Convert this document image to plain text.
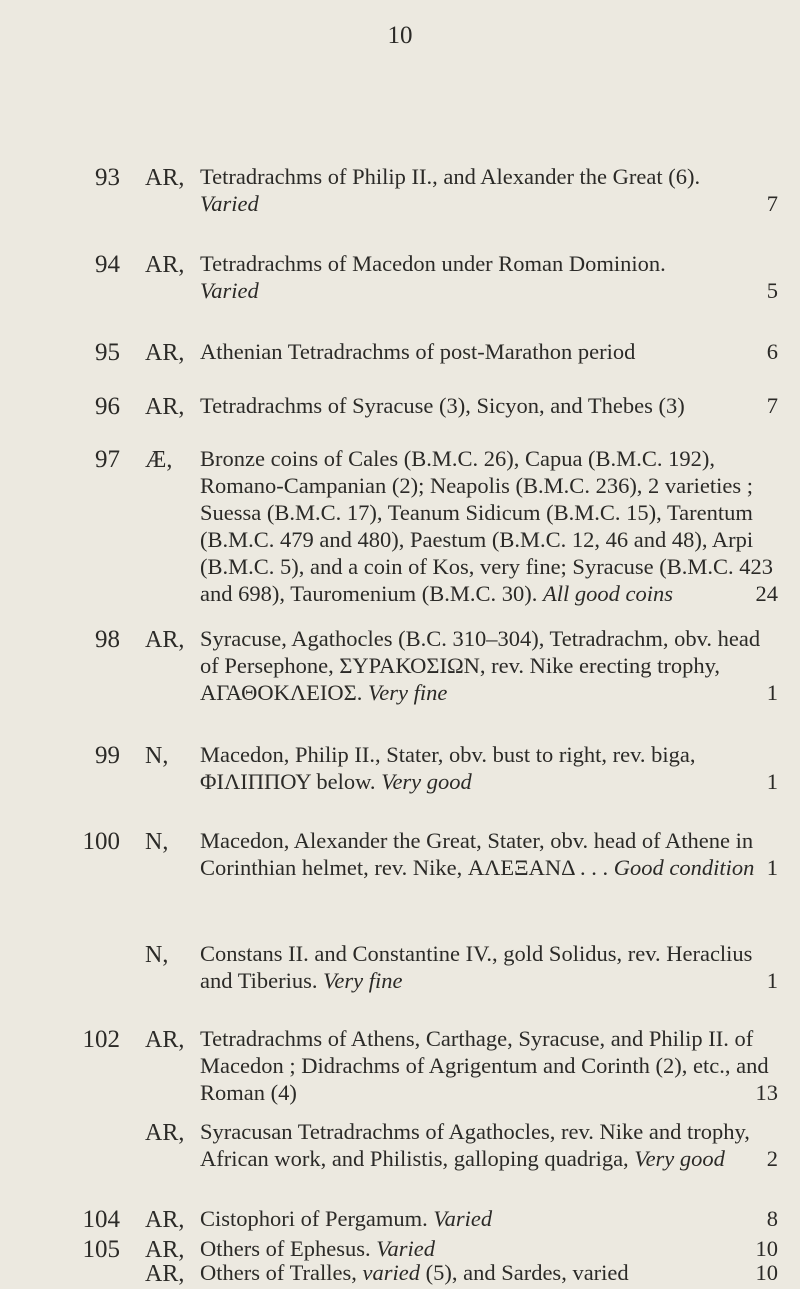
10
93 AR, Tetradrachms of Philip II., and Alexander the Great (6).
Varied	7
94 AR, Tetradrachms of Macedon under Roman Dominion.
Varied	5
95 AR, Athenian Tetradrachms of post-Marathon period	6
96 AR, Tetradrachms of Syracuse (3), Sicyon, and Thebes (3)	7
97 Æ, Bronze coins of Cales (B.M.C. 26), Capua (B.M.C. 192), Romano-Campanian (2); Neapolis (B.M.C. 236), 2 varieties ; Suessa (B.M.C. 17), Teanum Sidicum (B.M.C. 15), Tarentum (B.M.C. 479 and 480), Paestum (B.M.C. 12, 46 and 48), Arpi (B.M.C. 5), and a coin of Kos, very fine; Syracuse (B.M.C. 423 and 698), Tauromenium (B.M.C. 30). All good coins	24
98 AR, Syracuse, Agathocles (B.C. 310–304), Tetradrachm, obv. head of Persephone, ΣΥΡΑΚΟΣΙΩΝ, rev. Nike erecting trophy, ΑΓΑΘΟΚΛΕΙΟΣ. Very fine	1
99 N,	Macedon, Philip II., Stater, obv. bust to right, rev. biga, ΦΙΛΙΠΠΟΥ below. Very good	1
100 N,	Macedon, Alexander the Great, Stater, obv. head of Athene in Corinthian helmet, rev. Nike, ΑΛΕΞΑΝΔ . . . Good condition 1
N,	Constans II. and Constantine IV., gold Solidus, rev. Heraclius and Tiberius. Very fine	1
102 AR, Tetradrachms of Athens, Carthage, Syracuse, and Philip II. of Macedon ; Didrachms of Agrigentum and Corinth (2), etc., and Roman (4)	13
AR, Syracusan Tetradrachms of Agathocles, rev. Nike and trophy, African work, and Philistis, galloping quadriga, Very good 2
104 AR, Cistophori of Pergamum. Varied	8
105 AR, Others of Ephesus. Varied	10
AR, Others of Tralles, varied (5), and Sardes, varied	10
